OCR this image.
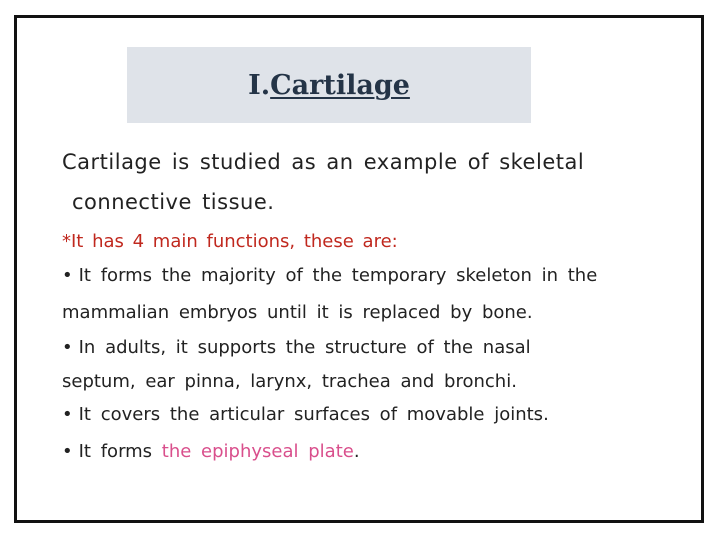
I.Cartilage
Cartilage is studied as an example of skeletal
connective tissue.
*It has 4 main functions, these are:
• It forms the majority of the temporary skeleton in the
mammalian embryos until it is replaced by bone.
• In adults, it supports the structure of the nasal
septum, ear pinna, larynx, trachea and bronchi.
• It covers the articular surfaces of movable joints.
• It forms the epiphyseal plate.
